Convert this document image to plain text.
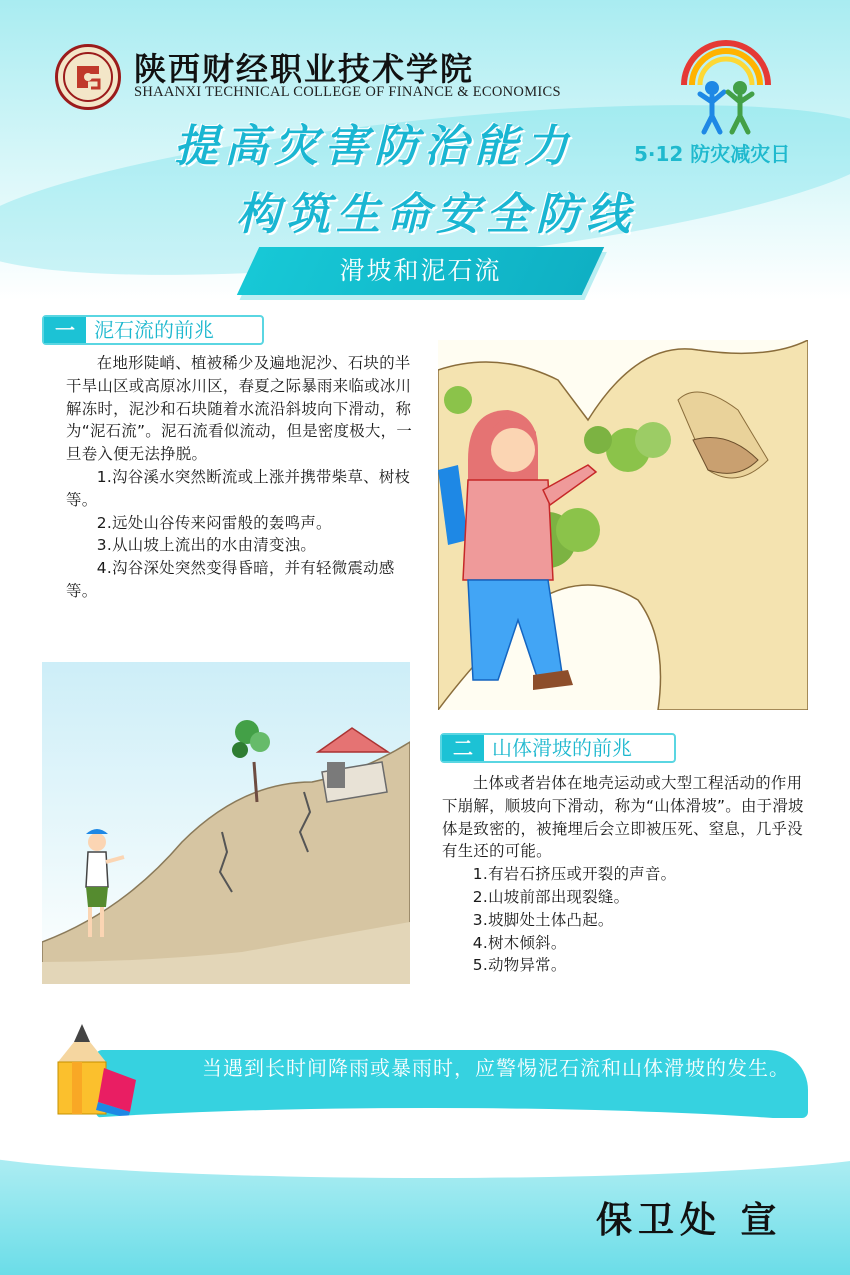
陕西财经职业技术学院
SHAANXI TECHNICAL COLLEGE OF FINANCE & ECONOMICS
5·12 防灾减灾日
提高灾害防治能力
构筑生命安全防线
滑坡和泥石流
一 泥石流的前兆

在地形陡峭、植被稀少及遍地泥沙、石块的半干旱山区或高原冰川区，春夏之际暴雨来临或冰川解冻时，泥沙和石块随着水流沿斜坡向下滑动，称为“泥石流”。泥石流看似流动，但是密度极大，一旦卷入便无法挣脱。

1.沟谷溪水突然断流或上涨并携带柴草、树枝等。

2.远处山谷传来闷雷般的轰鸣声。

3.从山坡上流出的水由清变浊。

4.沟谷深处突然变得昏暗，并有轻微震动感等。

二 山体滑坡的前兆

土体或者岩体在地壳运动或大型工程活动的作用下崩解，顺坡向下滑动，称为“山体滑坡”。由于滑坡体是致密的，被掩埋后会立即被压死、窒息，几乎没有生还的可能。

1.有岩石挤压或开裂的声音。

2.山坡前部出现裂缝。

3.坡脚处土体凸起。

4.树木倾斜。

5.动物异常。

当遇到长时间降雨或暴雨时，应警惕泥石流和山体滑坡的发生。
保卫处 宣
